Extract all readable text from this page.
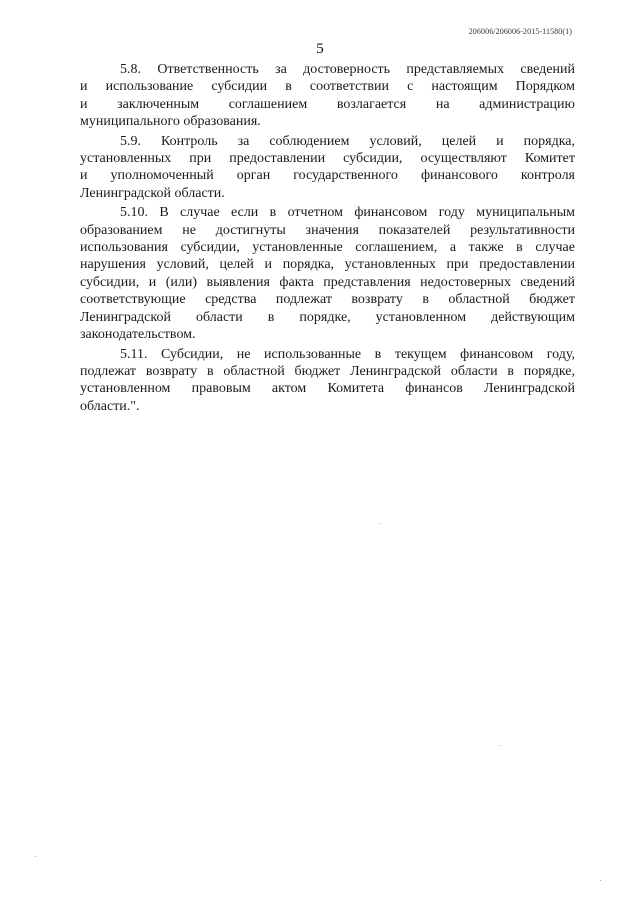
206006/206006-2015-11580(1)
5

5.8. Ответственность за достоверность представляемых сведений
и использование субсидии в соответствии с настоящим Порядком
и заключенным соглашением возлагается на администрацию
муниципального образования.

5.9. Контроль за соблюдением условий, целей и порядка,
установленных при предоставлении субсидии, осуществляют Комитет
и уполномоченный орган государственного финансового контроля
Ленинградской области.

5.10. В случае если в отчетном финансовом году муниципальным
образованием не достигнуты значения показателей результативности
использования субсидии, установленные соглашением, а также в случае
нарушения условий, целей и порядка, установленных при предоставлении
субсидии, и (или) выявления факта представления недостоверных сведений
соответствующие средства подлежат возврату в областной бюджет
Ленинградской области в порядке, установленном действующим
законодательством.

5.11. Субсидии, не использованные в текущем финансовом году,
подлежат возврату в областной бюджет Ленинградской области в порядке,
установленном правовым актом Комитета финансов Ленинградской
области.".
